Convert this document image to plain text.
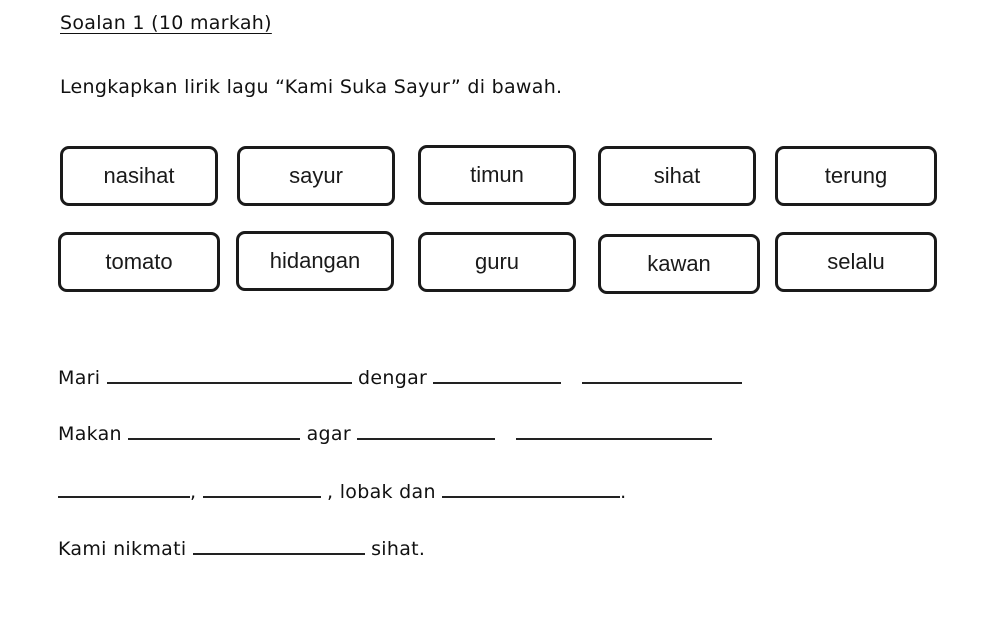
Soalan 1 (10 markah)
Lengkapkan lirik lagu “Kami Suka Sayur” di bawah.
nasihat	sayur	timun	sihat	terung
tomato	hidangan	guru	kawan	selalu
Mari	dengar
Makan	agar
,	, lobak dan	.
Kami nikmati	sihat.
